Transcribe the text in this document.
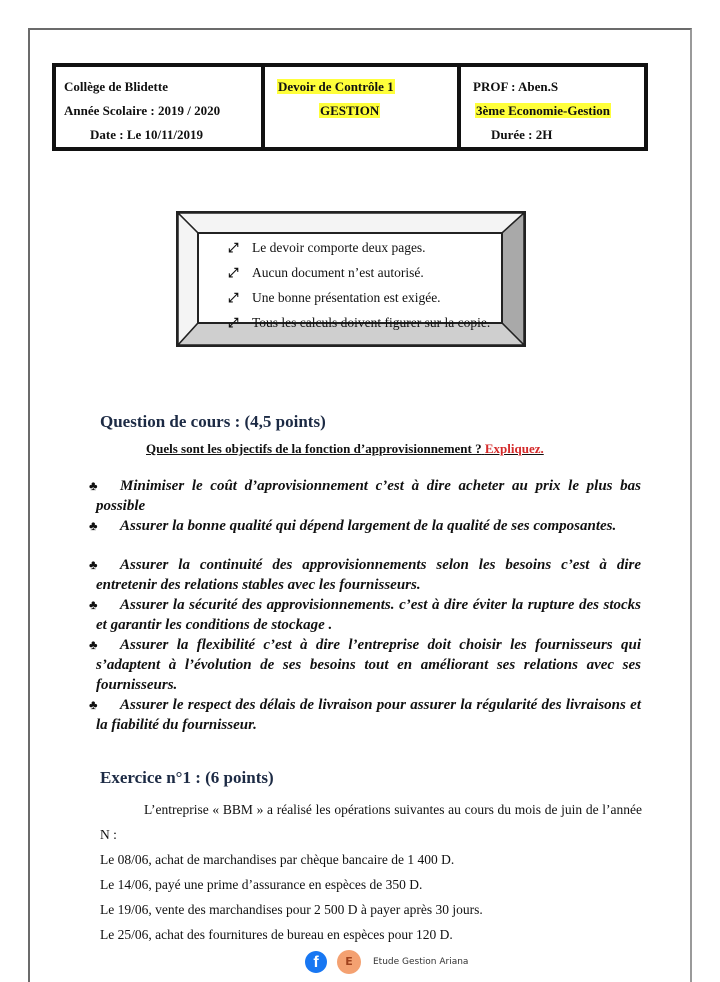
Collège de Blidette
Année Scolaire : 2019 / 2020
Date : Le 10/11/2019
Devoir de Contrôle 1
GESTION
PROF : Aben.S
3ème Economie-Gestion
Durée : 2H
⤢	Le devoir comporte deux pages.
⤢	Aucun document n’est autorisé.
⤢	Une bonne présentation est exigée.
⤢	Tous les calculs doivent figurer sur la copie.
Question de cours : (4,5 points)
Quels sont les objectifs de la fonction d’approvisionnement ? Expliquez.
♣	Minimiser le coût d’aprovisionnement c’est à dire acheter au prix le plus bas possible
♣	Assurer la bonne qualité qui dépend largement de la qualité de ses composantes.
♣	Assurer la continuité des approvisionnements selon les besoins c’est à dire entretenir des relations stables avec les fournisseurs.
♣	Assurer la sécurité des approvisionnements. c’est à dire éviter la rupture des stocks et garantir les conditions de stockage .
♣	Assurer la flexibilité c’est à dire l’entreprise doit choisir les fournisseurs qui s’adaptent à l’évolution de ses besoins tout en améliorant ses relations avec ses fournisseurs.
♣	Assurer le respect des délais de livraison pour assurer la régularité des livraisons et la fiabilité du fournisseur.
Exercice n°1 : (6 points)

L’entreprise « BBM » a réalisé les opérations suivantes au cours du mois de juin de l’année N :

Le 08/06, achat de marchandises par chèque bancaire de 1 400 D.

Le 14/06, payé une prime d’assurance en espèces de 350 D.

Le 19/06, vente des marchandises pour 2 500 D à payer après 30 jours.

Le 25/06, achat des fournitures de bureau en espèces pour 120 D.

f	E	Etude Gestion Ariana
